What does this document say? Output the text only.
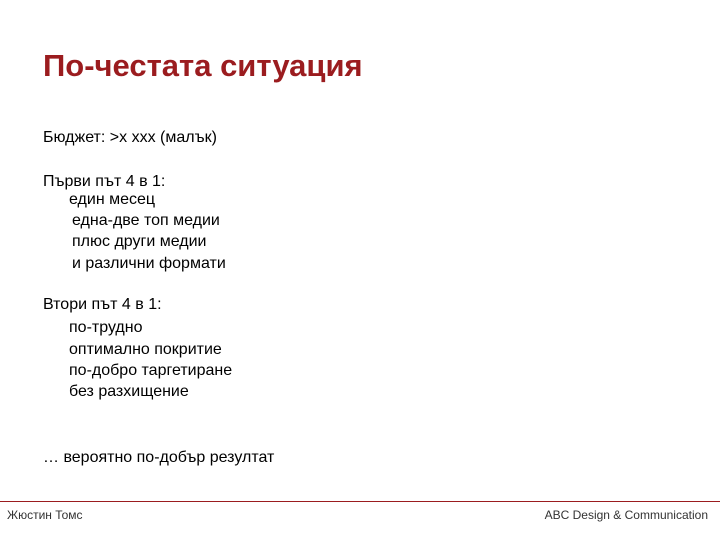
По-честата ситуация
Бюджет: >x xxx (малък)
Първи път 4 в 1:
един месец
една-две топ медии
плюс други медии
и различни формати
Втори път 4 в 1:
по-трудно
оптимално покритие
по-добро таргетиране
без разхищение
… вероятно по-добър резултат
Жюстин Томс	ABC Design & Communication
